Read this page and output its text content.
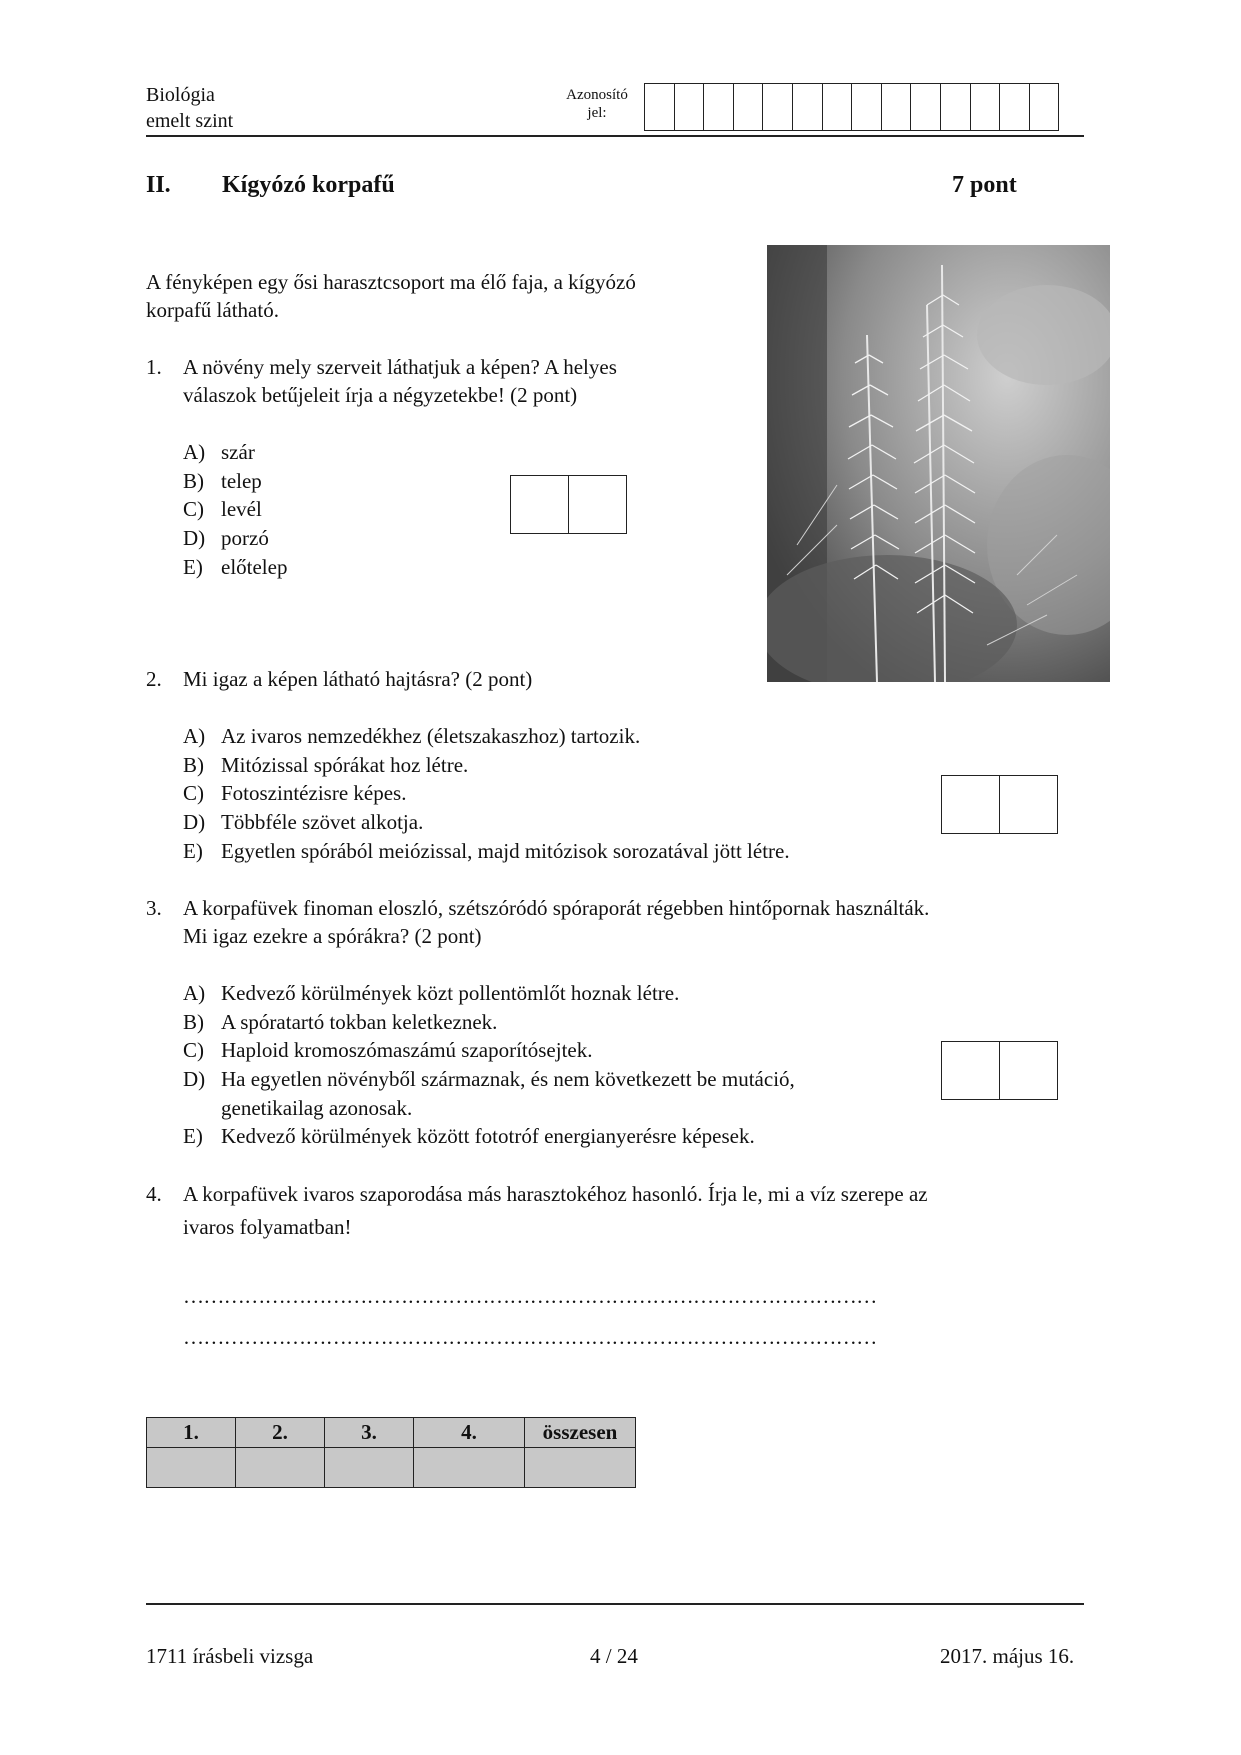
Biológia
emelt szint
Azonosító
jel:
II. Kígyózó korpafű	7 pont
A fényképen egy ősi harasztcsoport ma élő faja, a kígyózó
korpafű látható.
1. A növény mely szerveit láthatjuk a képen? A helyes
válaszok betűjeleit írja a négyzetekbe! (2 pont)
A) szár
B) telep
C) levél
D) porzó
E) előtelep
2. Mi igaz a képen látható hajtásra? (2 pont)
A) Az ivaros nemzedékhez (életszakaszhoz) tartozik.
B) Mitózissal spórákat hoz létre.
C) Fotoszintézisre képes.
D) Többféle szövet alkotja.
E) Egyetlen spórából meiózissal, majd mitózisok sorozatával jött létre.
3. A korpafüvek finoman eloszló, szétszóródó spóraporát régebben hintőpornak használták.
Mi igaz ezekre a spórákra? (2 pont)
A) Kedvező körülmények közt pollentömlőt hoznak létre.
B) A spóratartó tokban keletkeznek.
C) Haploid kromoszómaszámú szaporítósejtek.
D) Ha egyetlen növényből származnak, és nem következett be mutáció,
genetikailag azonosak.
E) Kedvező körülmények között fototróf energianyerésre képesek.
4. A korpafüvek ivaros szaporodása más harasztokéhoz hasonló. Írja le, mi a víz szerepe az
ivaros folyamatban!
…………………………………………………………………………………………
…………………………………………………………………………………………
1.	2.	3.	4.	összesen

1711 írásbeli vizsga	4 / 24	2017. május 16.
